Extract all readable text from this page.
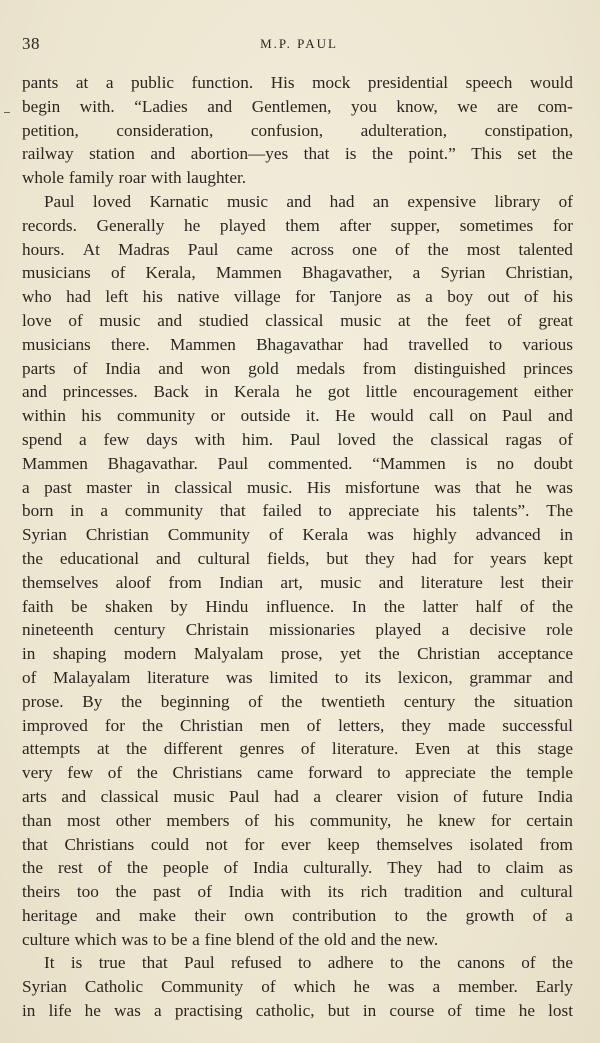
38	M.P. PAUL
pants at a public function. His mock presidential speech would
begin with. “Ladies and Gentlemen, you know, we are com-
petition, consideration, confusion, adulteration, constipation,
railway station and abortion—yes that is the point.” This set the
whole family roar with laughter.
Paul loved Karnatic music and had an expensive library of
records. Generally he played them after supper, sometimes for
hours. At Madras Paul came across one of the most talented
musicians of Kerala, Mammen Bhagavather, a Syrian Christian,
who had left his native village for Tanjore as a boy out of his
love of music and studied classical music at the feet of great
musicians there. Mammen Bhagavathar had travelled to various
parts of India and won gold medals from distinguished princes
and princesses. Back in Kerala he got little encouragement either
within his community or outside it. He would call on Paul and
spend a few days with him. Paul loved the classical ragas of
Mammen Bhagavathar. Paul commented. “Mammen is no doubt
a past master in classical music. His misfortune was that he was
born in a community that failed to appreciate his talents”. The
Syrian Christian Community of Kerala was highly advanced in
the educational and cultural fields, but they had for years kept
themselves aloof from Indian art, music and literature lest their
faith be shaken by Hindu influence. In the latter half of the
nineteenth century Christain missionaries played a decisive role
in shaping modern Malyalam prose, yet the Christian acceptance
of Malayalam literature was limited to its lexicon, grammar and
prose. By the beginning of the twentieth century the situation
improved for the Christian men of letters, they made successful
attempts at the different genres of literature. Even at this stage
very few of the Christians came forward to appreciate the temple
arts and classical music Paul had a clearer vision of future India
than most other members of his community, he knew for certain
that Christians could not for ever keep themselves isolated from
the rest of the people of India culturally. They had to claim as
theirs too the past of India with its rich tradition and cultural
heritage and make their own contribution to the growth of a
culture which was to be a fine blend of the old and the new.
It is true that Paul refused to adhere to the canons of the
Syrian Catholic Community of which he was a member. Early
in life he was a practising catholic, but in course of time he lost
